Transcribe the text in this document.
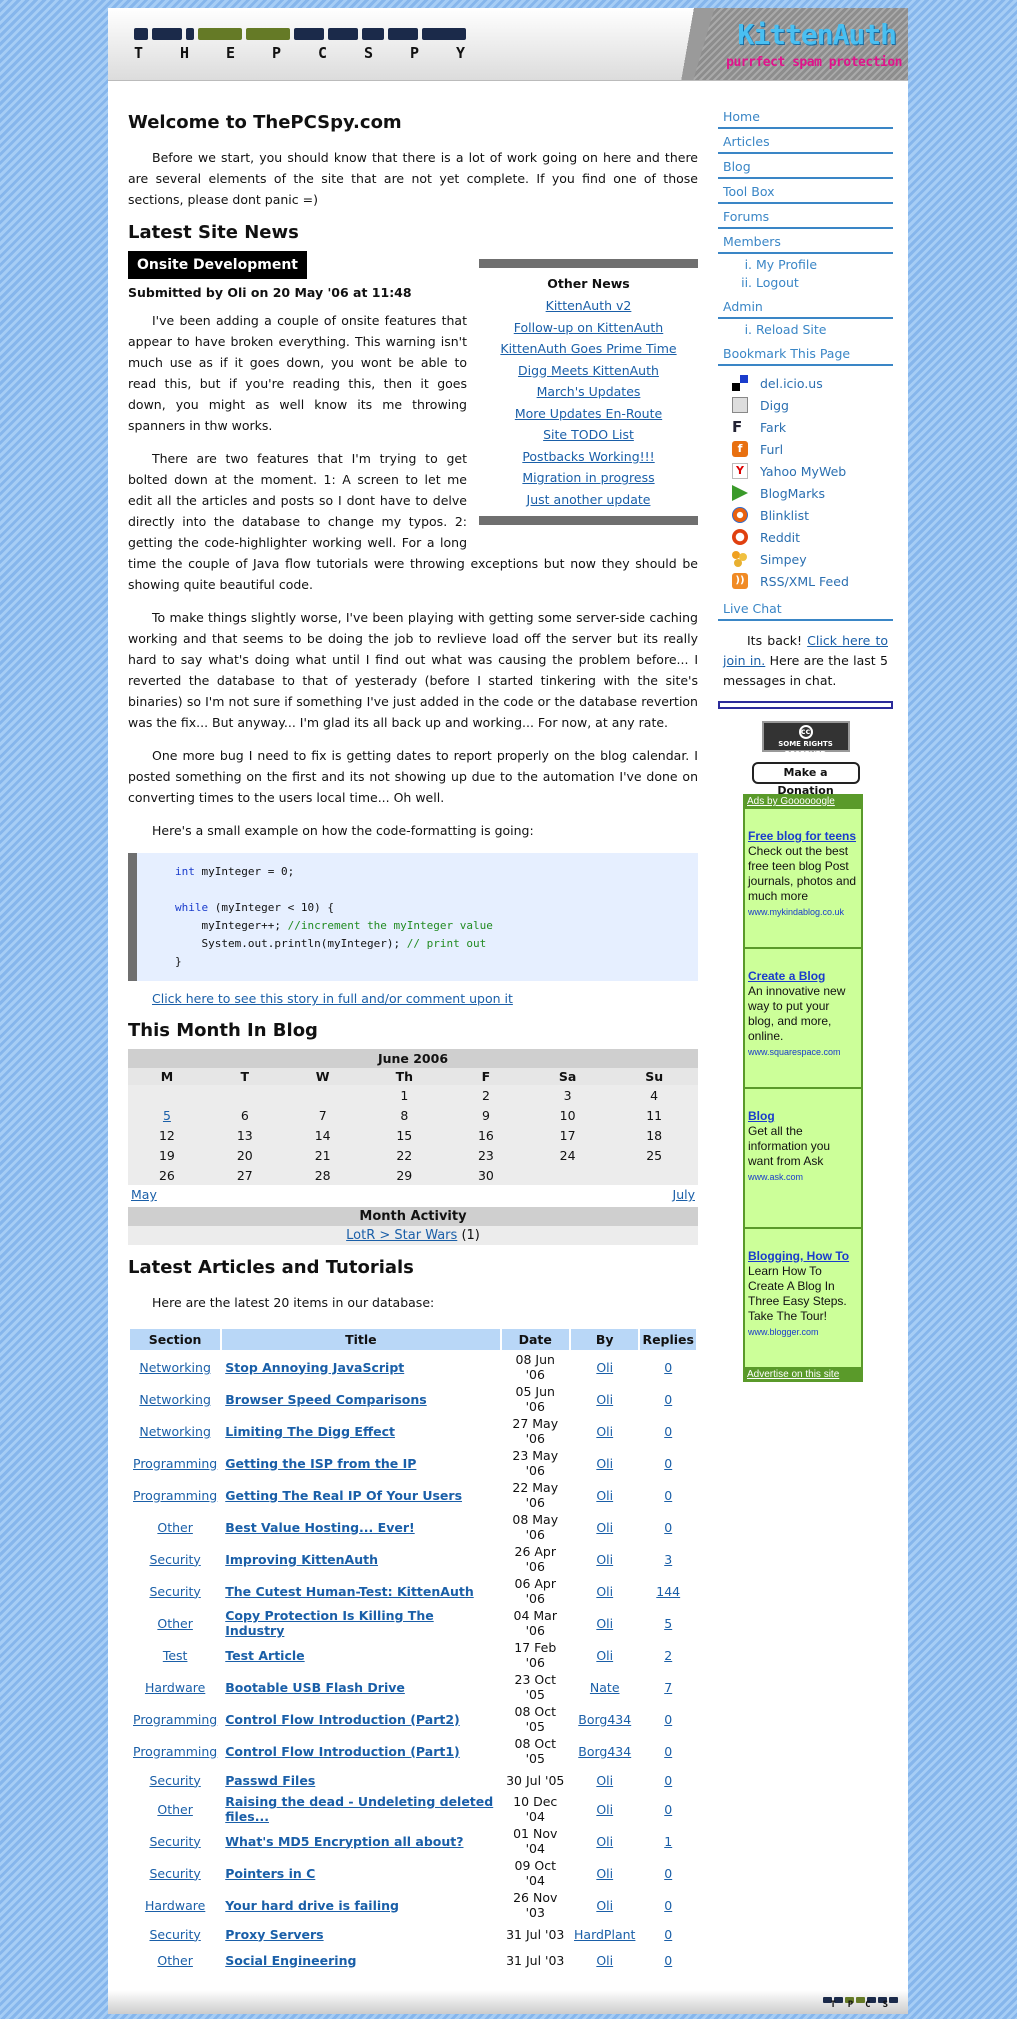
T H E P C S P Y
KittenAuth
purrfect spam protection
Welcome to ThePCSpy.com

Before we start, you should know that there is a lot of work going on here and there are several elements of the site that are not yet complete. If you find one of those sections, please dont panic =)

Latest Site News
Onsite Development
Other News
KittenAuth v2
Follow-up on KittenAuth
KittenAuth Goes Prime Time
Digg Meets KittenAuth
March's Updates
More Updates En-Route
Site TODO List
Postbacks Working!!!
Migration in progress
Just another update
Submitted by Oli on 20 May '06 at 11:48

I've been adding a couple of onsite features that appear to have broken everything. This warning isn't much use as if it goes down, you wont be able to read this, but if you're reading this, then it goes down, you might as well know its me throwing spanners in thw works.

There are two features that I'm trying to get bolted down at the moment. 1: A screen to let me edit all the articles and posts so I dont have to delve directly into the database to change my typos. 2: getting the code-highlighter working well. For a long time the couple of Java flow tutorials were throwing exceptions but now they should be showing quite beautiful code.

To make things slightly worse, I've been playing with getting some server-side caching working and that seems to be doing the job to revlieve load off the server but its really hard to say what's doing what until I find out what was causing the problem before... I reverted the database to that of yesterady (before I started tinkering with the site's binaries) so I'm not sure if something I've just added in the code or the database revertion was the fix... But anyway... I'm glad its all back up and working... For now, at any rate.

One more bug I need to fix is getting dates to report properly on the blog calendar. I posted something on the first and its not showing up due to the automation I've done on converting times to the users local time... Oh well.

Here's a small example on how the code-formatting is going:

int myInteger = 0;

while (myInteger < 10) {
myInteger++; //increment the myInteger value
System.out.println(myInteger); // print out
}
Click here to see this story in full and/or comment upon it
This Month In Blog
June 2006
M	T	W	Th	F	Sa	Su
			1	2	3	4
5	6	7	8	9	10	11
12	13	14	15	16	17	18
19	20	21	22	23	24	25
26	27	28	29	30		
May	July
Month Activity
LotR > Star Wars (1)
Latest Articles and Tutorials

Here are the latest 20 items in our database:

Section	Title	Date	By	Replies
Networking	Stop Annoying JavaScript	08 Jun '06	Oli	0
Networking	Browser Speed Comparisons	05 Jun '06	Oli	0
Networking	Limiting The Digg Effect	27 May '06	Oli	0
Programming	Getting the ISP from the IP	23 May '06	Oli	0
Programming	Getting The Real IP Of Your Users	22 May '06	Oli	0
Other	Best Value Hosting... Ever!	08 May '06	Oli	0
Security	Improving KittenAuth	26 Apr '06	Oli	3
Security	The Cutest Human-Test: KittenAuth	06 Apr '06	Oli	144
Other	Copy Protection Is Killing The Industry	04 Mar '06	Oli	5
Test	Test Article	17 Feb '06	Oli	2
Hardware	Bootable USB Flash Drive	23 Oct '05	Nate	7
Programming	Control Flow Introduction (Part2)	08 Oct '05	Borg434	0
Programming	Control Flow Introduction (Part1)	08 Oct '05	Borg434	0
Security	Passwd Files	30 Jul '05	Oli	0
Other	Raising the dead - Undeleting deleted files...	10 Dec '04	Oli	0
Security	What's MD5 Encryption all about?	01 Nov '04	Oli	1
Security	Pointers in C	09 Oct '04	Oli	0
Hardware	Your hard drive is failing	26 Nov '03	Oli	0
Security	Proxy Servers	31 Jul '03	HardPlant	0
Other	Social Engineering	31 Jul '03	Oli	0
Home
Articles
Blog
Tool Box
Forums
Members
i. My Profile
ii. Logout
Admin
i. Reload Site
Bookmark This Page
del.icio.us
Digg
F	Fark
f	Furl
Y	Yahoo MyWeb
BlogMarks
Blinklist
Reddit
Simpey
)) RSS/XML Feed
Live Chat
Its back! Click here to join in. Here are the last 5 messages in chat.
cc
SOME RIGHTS RESERVED
Make a Donation
Ads by Goooooogle
Free blog for teens
Check out the best free teen blog Post journals, photos and much more
www.mykindablog.co.uk
Create a Blog
An innovative new way to put your blog, and more, online.
www.squarespace.com
Blog
Get all the information you want from Ask
www.ask.com
Blogging, How To
Learn How To Create A Blog In Three Easy Steps. Take The Tour!
www.blogger.com
Advertise on this site
TPCS
